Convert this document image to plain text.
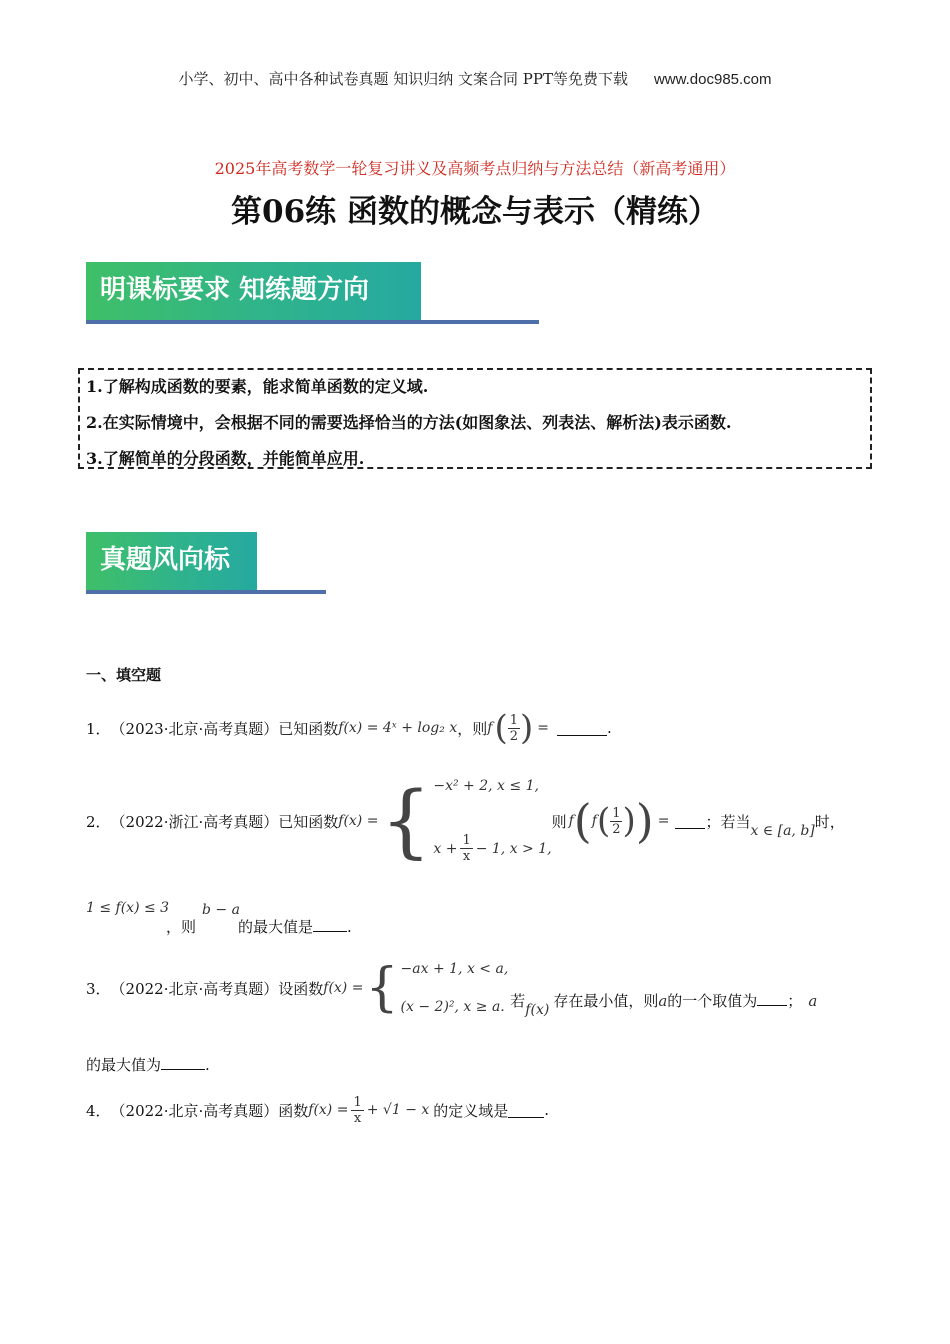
小学、初中、高中各种试卷真题 知识归纳 文案合同 PPT等免费下载 www.doc985.com
2025年高考数学一轮复习讲义及高频考点归纳与方法总结（新高考通用）
第06练 函数的概念与表示（精练）
明课标要求 知练题方向
1.了解构成函数的要素，能求简单函数的定义域.
2.在实际情境中，会根据不同的需要选择恰当的方法(如图象法、列表法、解析法)表示函数.
3.了解简单的分段函数，并能简单应用.
真题风向标
一、填空题
1． （2023·北京·高考真题）已知函数 f(x) = 4ˣ + log₂ x ，则 f ( $\frac{1}{2}$ ) =	.
2． （2022·浙江·高考真题）已知函数 f(x) = { −x² + 2, x ≤ 1,
$x + \frac{1}{x} - 1$, x > 1,
则 f ( f ( $\frac{1}{2}$ ) ) = ；若当
x ∈ [a, b]
时，
1 ≤ f(x) ≤ 3
，则
b − a
的最大值是 .
3． （2022·北京·高考真题）设函数 f(x) = { −ax + 1, x < a,
(x − 2)², x ≥ a. 若
f(x)
存在最小值，则a的一个取值为 ； a
的最大值为	.
4． （2022·北京·高考真题）函数 $f(x) = \frac{1}{x} + √1 - x$ 的定义域是 .
